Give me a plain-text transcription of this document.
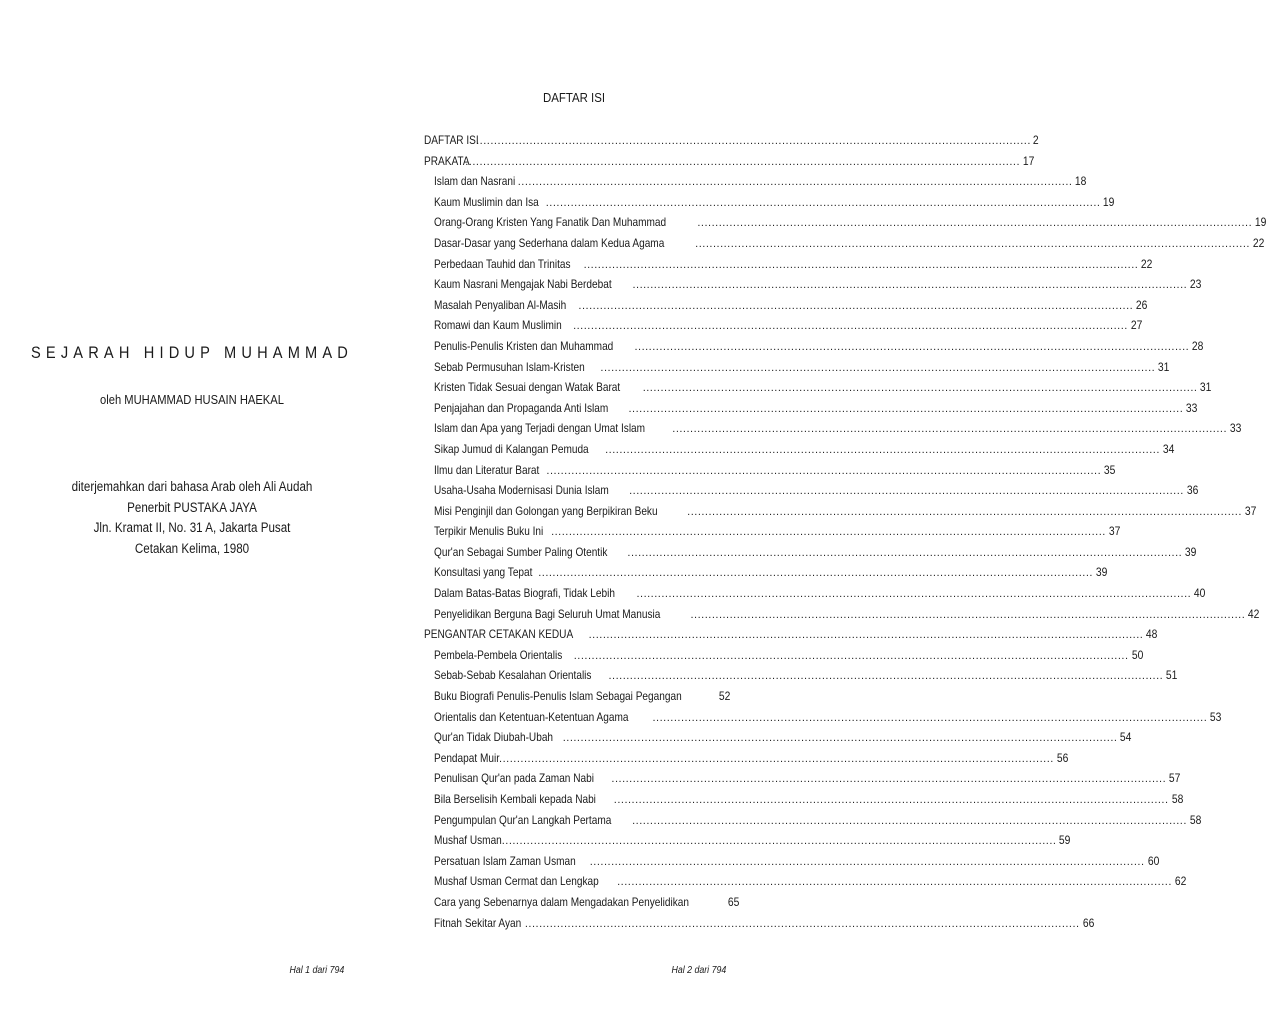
SEJARAH HIDUP MUHAMMAD
oleh MUHAMMAD HUSAIN HAEKAL
diterjemahkan dari bahasa Arab oleh Ali Audah
Penerbit PUSTAKA JAYA
Jln. Kramat II, No. 31 A, Jakarta Pusat
Cetakan Kelima, 1980
Hal 1 dari 794
DAFTAR ISI
DAFTAR ISI .....	2
PRAKATA .....	17
Islam dan Nasrani .....	18
Kaum Muslimin dan Isa .....	19
Orang-Orang Kristen Yang Fanatik Dan Muhammad .....	19
Dasar-Dasar yang Sederhana dalam Kedua Agama .....	22
Perbedaan Tauhid dan Trinitas .....	22
Kaum Nasrani Mengajak Nabi Berdebat .....	23
Masalah Penyaliban Al-Masih .....	26
Romawi dan Kaum Muslimin .....	27
Penulis-Penulis Kristen dan Muhammad .....	28
Sebab Permusuhan Islam-Kristen .....	31
Kristen Tidak Sesuai dengan Watak Barat .....	31
Penjajahan dan Propaganda Anti Islam .....	33
Islam dan Apa yang Terjadi dengan Umat Islam .....	33
Sikap Jumud di Kalangan Pemuda .....	34
Ilmu dan Literatur Barat .....	35
Usaha-Usaha Modernisasi Dunia Islam .....	36
Misi Penginjil dan Golongan yang Berpikiran Beku .....	37
Terpikir Menulis Buku Ini .....	37
Qur'an Sebagai Sumber Paling Otentik .....	39
Konsultasi yang Tepat .....	39
Dalam Batas-Batas Biografi, Tidak Lebih .....	40
Penyelidikan Berguna Bagi Seluruh Umat Manusia .....	42
PENGANTAR CETAKAN KEDUA .....	48
Pembela-Pembela Orientalis .....	50
Sebab-Sebab Kesalahan Orientalis .....	51
Buku Biografi Penulis-Penulis Islam Sebagai Pegangan	52
Orientalis dan Ketentuan-Ketentuan Agama .....	53
Qur'an Tidak Diubah-Ubah .....	54
Pendapat Muir .....	56
Penulisan Qur'an pada Zaman Nabi .....	57
Bila Berselisih Kembali kepada Nabi .....	58
Pengumpulan Qur'an Langkah Pertama .....	58
Mushaf Usman .....	59
Persatuan Islam Zaman Usman .....	60
Mushaf Usman Cermat dan Lengkap .....	62
Cara yang Sebenarnya dalam Mengadakan Penyelidikan	65
Fitnah Sekitar Ayan .....	66
Hal 2 dari 794
